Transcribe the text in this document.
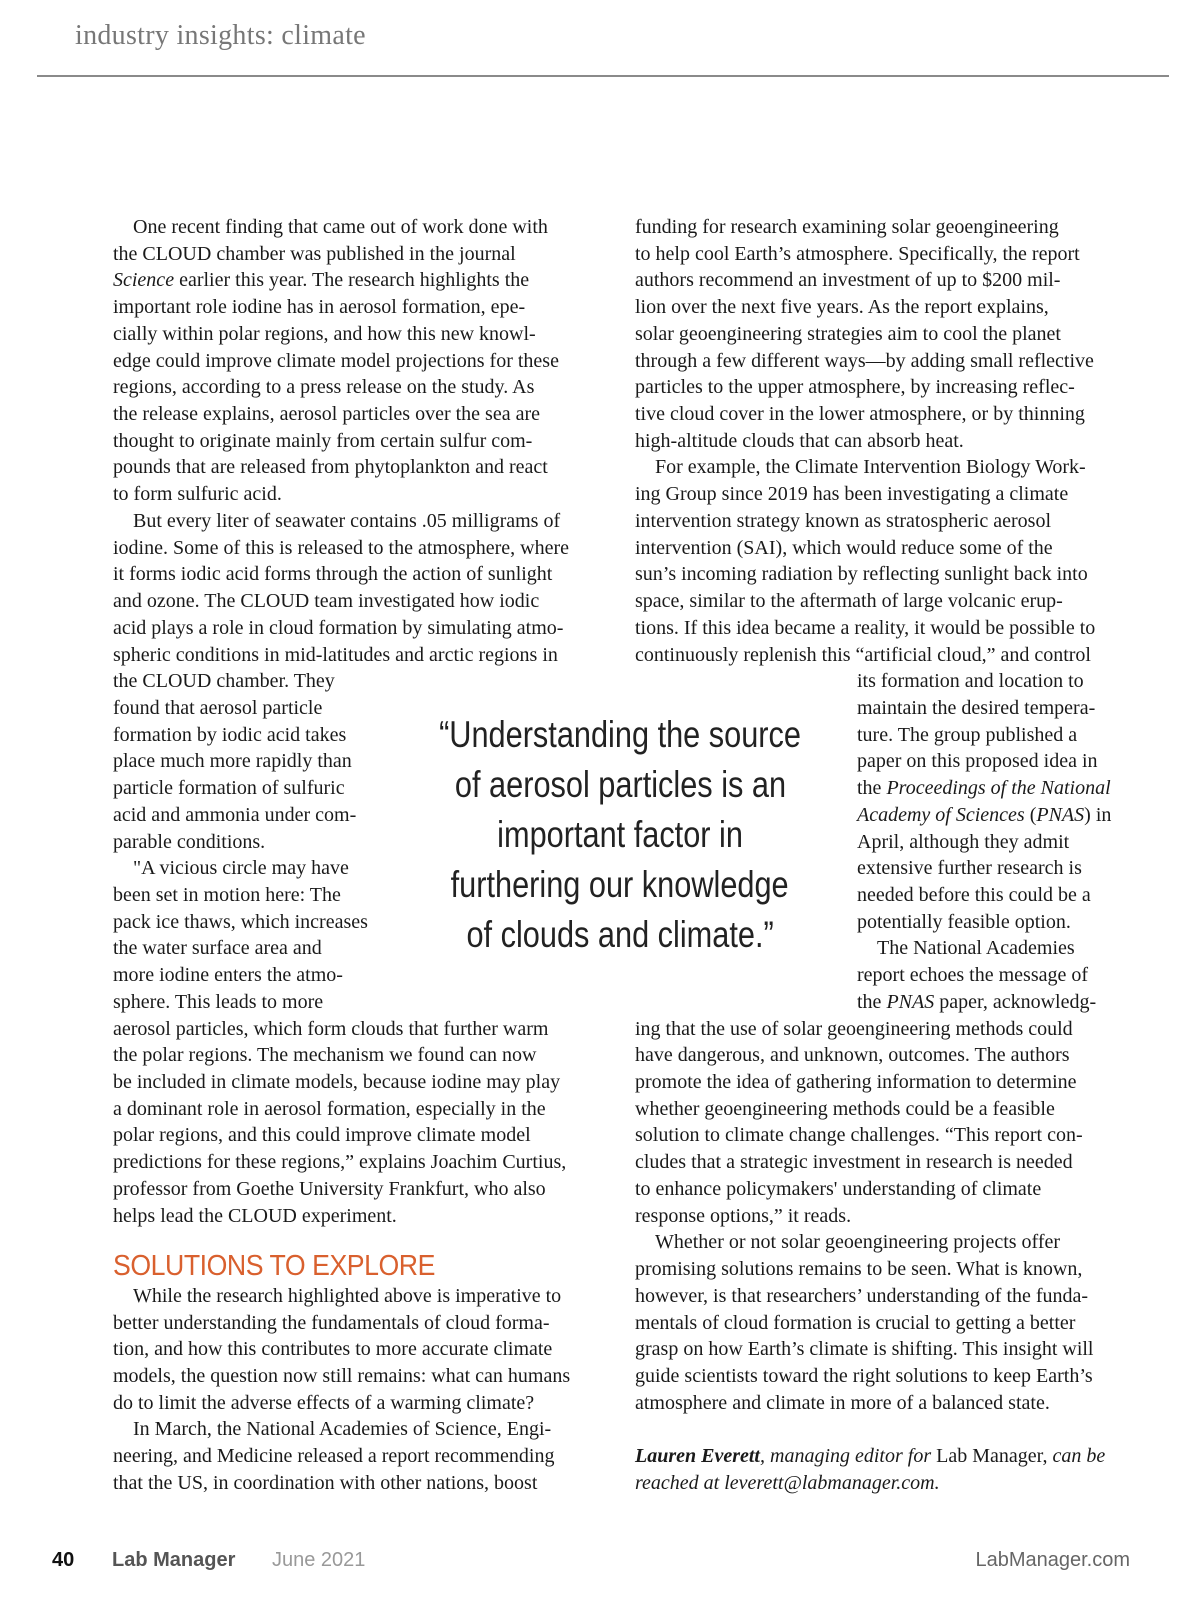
industry insights: climate
One recent finding that came out of work done with
the CLOUD chamber was published in the journal
Science earlier this year. The research highlights the
important role iodine has in aerosol formation, epe-
cially within polar regions, and how this new knowl-
edge could improve climate model projections for these
regions, according to a press release on the study. As
the release explains, aerosol particles over the sea are
thought to originate mainly from certain sulfur com-
pounds that are released from phytoplankton and react
to form sulfuric acid.
But every liter of seawater contains .05 milligrams of
iodine. Some of this is released to the atmosphere, where
it forms iodic acid forms through the action of sunlight
and ozone. The CLOUD team investigated how iodic
acid plays a role in cloud formation by simulating atmo-
spheric conditions in mid-latitudes and arctic regions in
the CLOUD chamber. They
found that aerosol particle
formation by iodic acid takes
place much more rapidly than
particle formation of sulfuric
acid and ammonia under com-
parable conditions.
"A vicious circle may have
been set in motion here: The
pack ice thaws, which increases
the water surface area and
more iodine enters the atmo-
sphere. This leads to more
aerosol particles, which form clouds that further warm
the polar regions. The mechanism we found can now
be included in climate models, because iodine may play
a dominant role in aerosol formation, especially in the
polar regions, and this could improve climate model
predictions for these regions,” explains Joachim Curtius,
professor from Goethe University Frankfurt, who also
helps lead the CLOUD experiment.
While the research highlighted above is imperative to
better understanding the fundamentals of cloud forma-
tion, and how this contributes to more accurate climate
models, the question now still remains: what can humans
do to limit the adverse effects of a warming climate?
In March, the National Academies of Science, Engi-
neering, and Medicine released a report recommending
that the US, in coordination with other nations, boost
funding for research examining solar geoengineering
to help cool Earth’s atmosphere. Specifically, the report
authors recommend an investment of up to $200 mil-
lion over the next five years. As the report explains,
solar geoengineering strategies aim to cool the planet
through a few different ways—by adding small reflective
particles to the upper atmosphere, by increasing reflec-
tive cloud cover in the lower atmosphere, or by thinning
high-altitude clouds that can absorb heat.
For example, the Climate Intervention Biology Work-
ing Group since 2019 has been investigating a climate
intervention strategy known as stratospheric aerosol
intervention (SAI), which would reduce some of the
sun’s incoming radiation by reflecting sunlight back into
space, similar to the aftermath of large volcanic erup-
tions. If this idea became a reality, it would be possible to
continuously replenish this “artificial cloud,” and control
its formation and location to
maintain the desired tempera-
ture. The group published a
paper on this proposed idea in
the Proceedings of the National
Academy of Sciences (PNAS) in
April, although they admit
extensive further research is
needed before this could be a
potentially feasible option.
The National Academies
report echoes the message of
the PNAS paper, acknowledg-
ing that the use of solar geoengineering methods could
have dangerous, and unknown, outcomes. The authors
promote the idea of gathering information to determine
whether geoengineering methods could be a feasible
solution to climate change challenges. “This report con-
cludes that a strategic investment in research is needed
to enhance policymakers' understanding of climate
response options,” it reads.
Whether or not solar geoengineering projects offer
promising solutions remains to be seen. What is known,
however, is that researchers’ understanding of the funda-
mentals of cloud formation is crucial to getting a better
grasp on how Earth’s climate is shifting. This insight will
guide scientists toward the right solutions to keep Earth’s
atmosphere and climate in more of a balanced state.
Lauren Everett, managing editor for Lab Manager, can be
reached at leverett@labmanager.com.
SOLUTIONS TO EXPLORE
“Understanding the source
of aerosol particles is an
important factor in
furthering our knowledge
of clouds and climate.”
40 Lab Manager June 2021	LabManager.com
